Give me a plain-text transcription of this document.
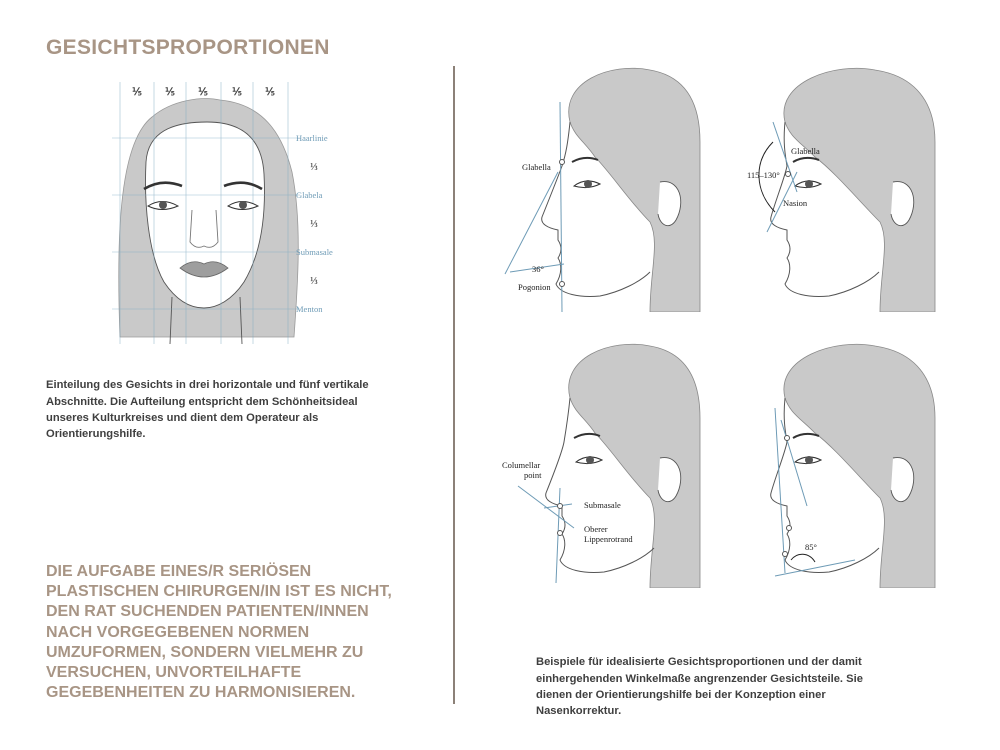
GESICHTSPROPORTIONEN
⅕ ⅕ ⅕ ⅕ ⅕
Haarlinie
Glabela
Submasale
Menton
⅓
⅓
⅓

Einteilung des Gesichts in drei horizontale und fünf vertikale Abschnitte. Die Aufteilung entspricht dem Schönheitsideal unseres Kulturkreises und dient dem Operateur als Orientierungshilfe.

DIE AUFGABE EINES/R SERIÖSEN PLASTISCHEN CHIRURGEN/IN IST ES NICHT, DEN RAT SUCHENDEN PATIENTEN/INNEN NACH VORGEGEBENEN NORMEN UMZUFORMEN, SONDERN VIELMEHR ZU VERSUCHEN, UNVORTEILHAFTE GEGEBENHEITEN ZU HARMONISIEREN.

Glabella
36°
Pogonion
Glabella
115–130°
Nasion
Columellar
point
Submasale
Oberer
Lippenrotrand
85°

Beispiele für idealisierte Gesichtsproportionen und der damit einhergehenden Winkelmaße angrenzender Gesichtsteile. Sie dienen der Orientierungshilfe bei der Konzeption einer Nasenkorrektur.
